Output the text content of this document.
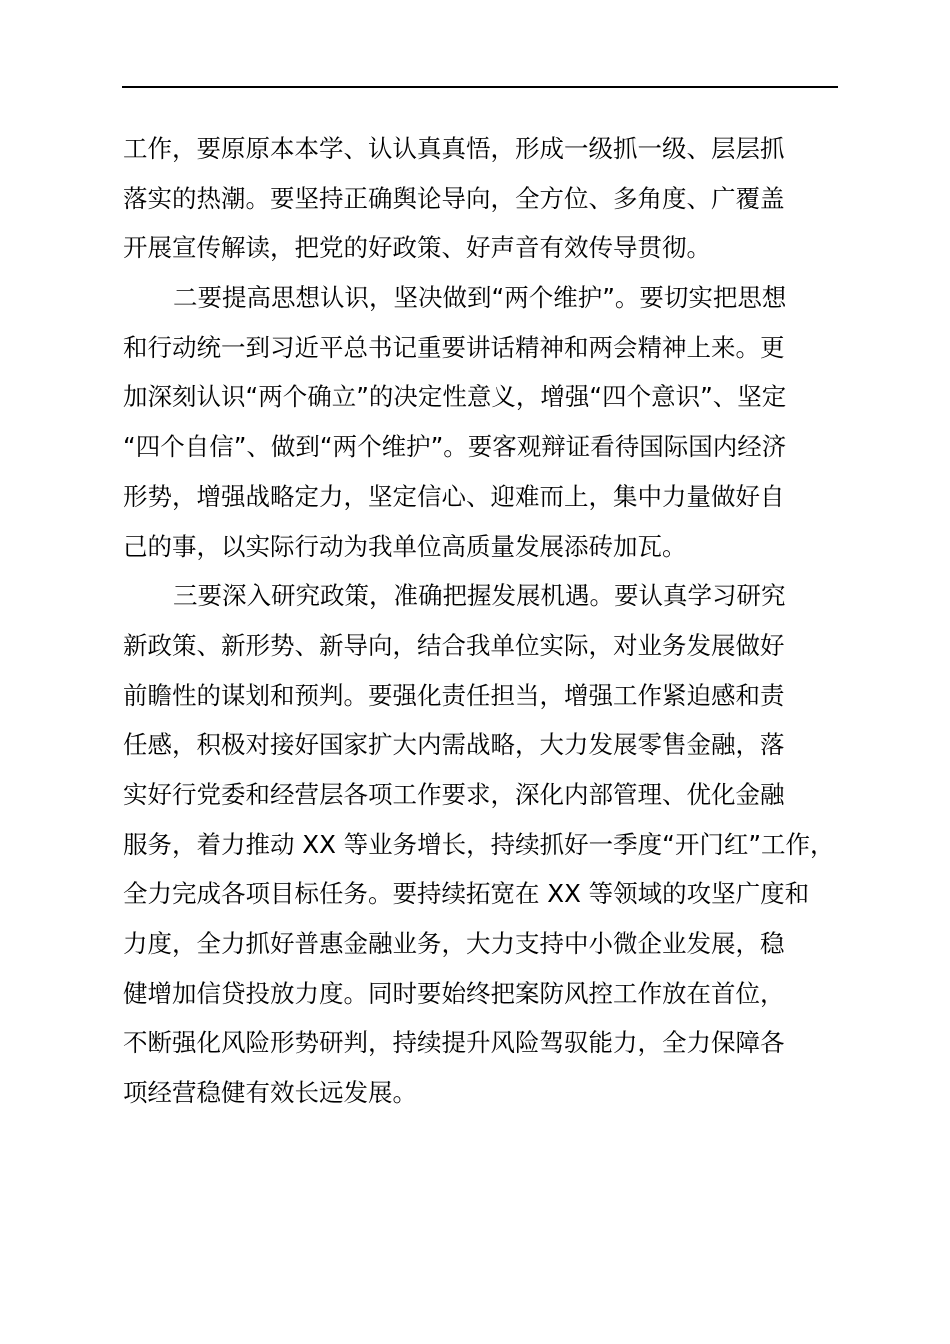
工作，要原原本本学、认认真真悟，形成一级抓一级、层层抓
落实的热潮。要坚持正确舆论导向，全方位、多角度、广覆盖
开展宣传解读，把党的好政策、好声音有效传导贯彻。
二要提高思想认识，坚决做到“两个维护”。要切实把思想
和行动统一到习近平总书记重要讲话精神和两会精神上来。更
加深刻认识“两个确立”的决定性意义，增强“四个意识”、坚定
“四个自信”、做到“两个维护”。要客观辩证看待国际国内经济
形势，增强战略定力，坚定信心、迎难而上，集中力量做好自
己的事，以实际行动为我单位高质量发展添砖加瓦。
三要深入研究政策，准确把握发展机遇。要认真学习研究
新政策、新形势、新导向，结合我单位实际，对业务发展做好
前瞻性的谋划和预判。要强化责任担当，增强工作紧迫感和责
任感，积极对接好国家扩大内需战略，大力发展零售金融，落
实好行党委和经营层各项工作要求，深化内部管理、优化金融
服务，着力推动 XX 等业务增长，持续抓好一季度“开门红”工作，
全力完成各项目标任务。要持续拓宽在 XX 等领域的攻坚广度和
力度，全力抓好普惠金融业务，大力支持中小微企业发展，稳
健增加信贷投放力度。同时要始终把案防风控工作放在首位，
不断强化风险形势研判，持续提升风险驾驭能力，全力保障各
项经营稳健有效长远发展。
